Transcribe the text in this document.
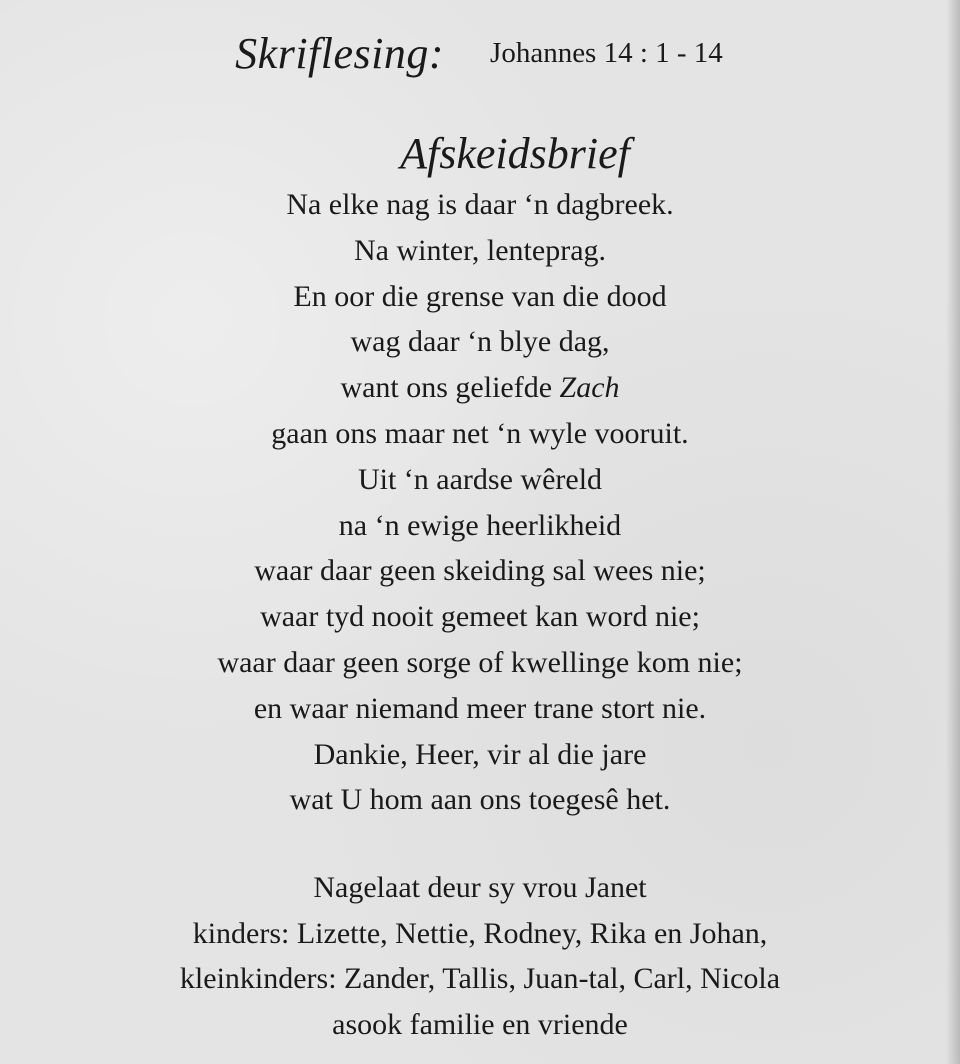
Skriflesing: Johannes 14 : 1 - 14
Afskeidsbrief
Na elke nag is daar ‘n dagbreek.
Na winter, lenteprag.
En oor die grense van die dood
wag daar ‘n blye dag,
want ons geliefde Zach
gaan ons maar net ‘n wyle vooruit.
Uit ‘n aardse wêreld
na ‘n ewige heerlikheid
waar daar geen skeiding sal wees nie;
waar tyd nooit gemeet kan word nie;
waar daar geen sorge of kwellinge kom nie;
en waar niemand meer trane stort nie.
Dankie, Heer, vir al die jare
wat U hom aan ons toegesê het.
Nagelaat deur sy vrou Janet
kinders: Lizette, Nettie, Rodney, Rika en Johan,
kleinkinders: Zander, Tallis, Juan-tal, Carl, Nicola
asook familie en vriende
